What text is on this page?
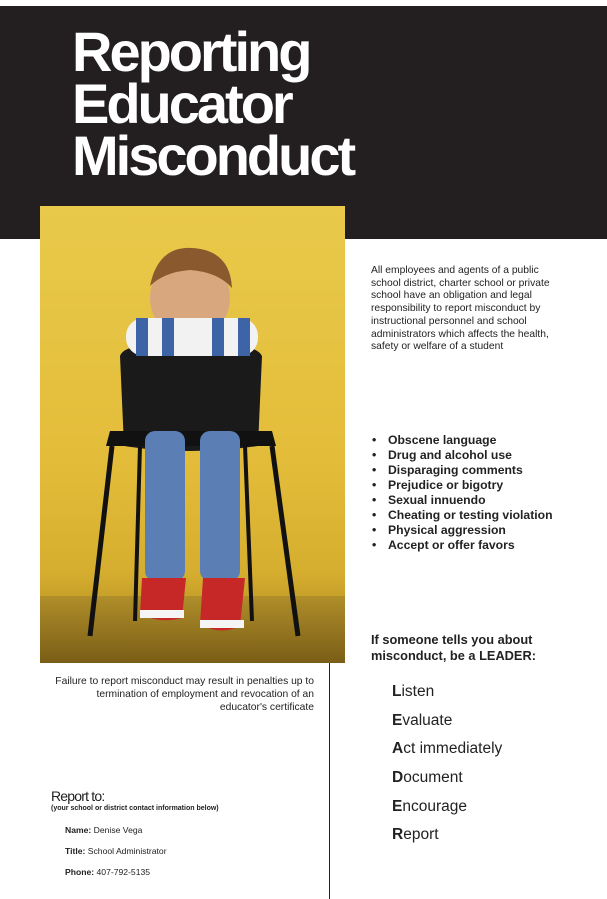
Reporting
Educator
Misconduct

All employees and agents of a public school district, charter school or private school have an obligation and legal responsibility to report misconduct by instructional personnel and school administrators which affects the health, safety or welfare of a student

• Obscene language
• Drug and alcohol use
• Disparaging comments
• Prejudice or bigotry
• Sexual innuendo
• Cheating or testing violation
• Physical aggression
• Accept or offer favors

If someone tells you about misconduct, be a LEADER:

Listen
Evaluate
Act immediately
Document
Encourage
Report

Failure to report misconduct may result in penalties up to termination of employment and revocation of an educator's certificate

Report to:

(your school or district contact information below)

Name: Denise Vega

Title: School Administrator

Phone: 407-792-5135
